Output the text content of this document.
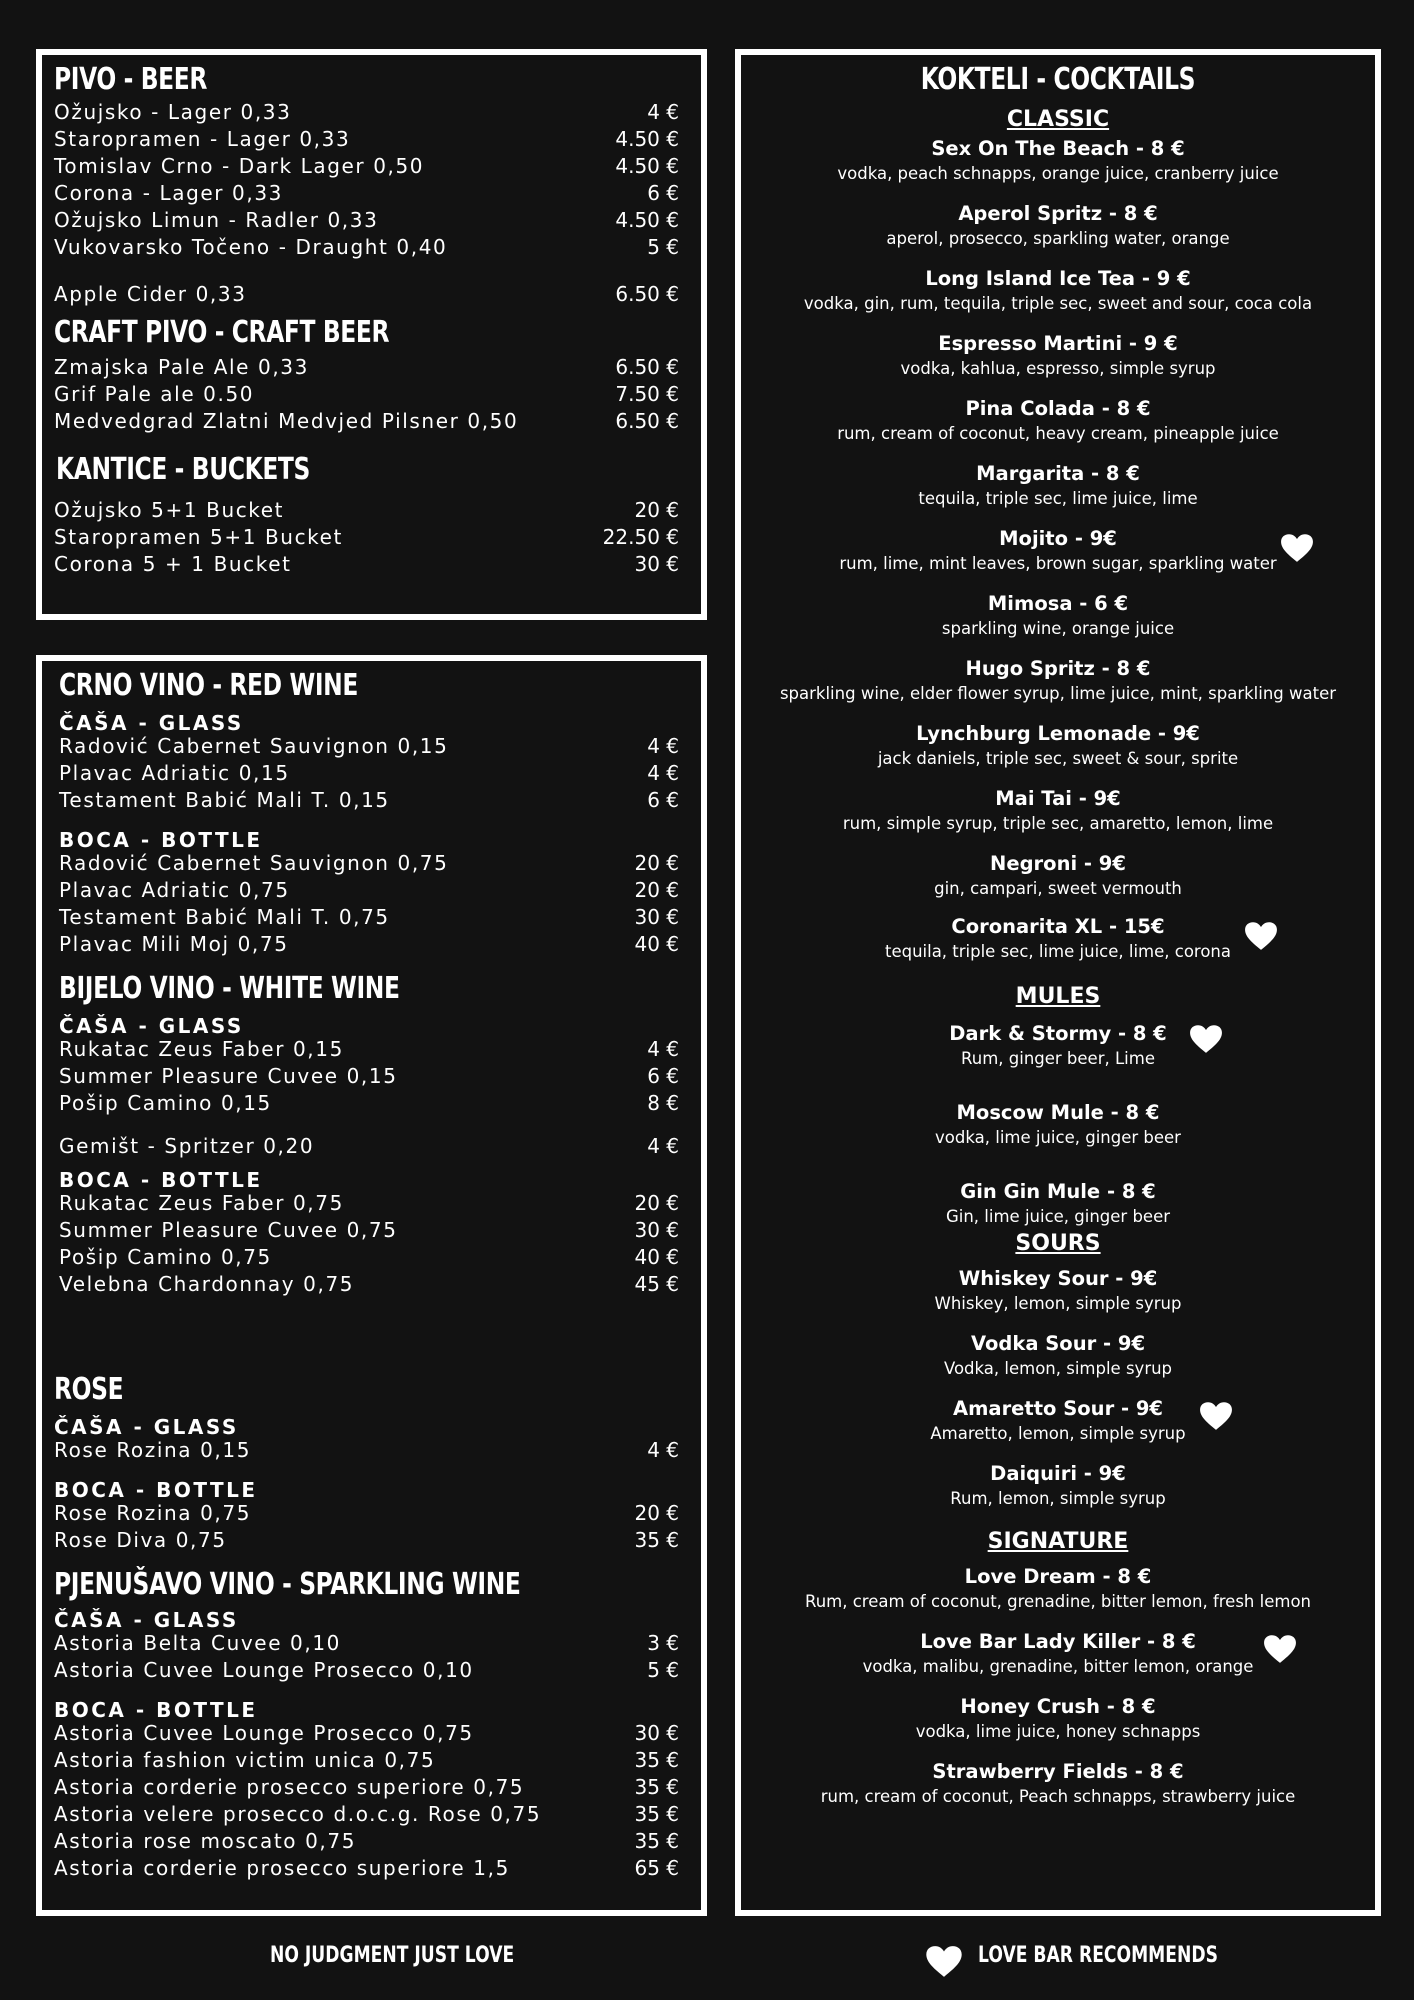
PIVO - BEER
Ožujsko - Lager 0,33	4 €
Staropramen - Lager 0,33	4.50 €
Tomislav Crno - Dark Lager 0,50	4.50 €
Corona - Lager 0,33	6 €
Ožujsko Limun - Radler 0,33	4.50 €
Vukovarsko Točeno - Draught 0,40	5 €
Apple Cider 0,33	6.50 €
CRAFT PIVO - CRAFT BEER
Zmajska Pale Ale 0,33	6.50 €
Grif Pale ale 0.50	7.50 €
Medvedgrad Zlatni Medvjed Pilsner 0,50	6.50 €
KANTICE - BUCKETS
Ožujsko 5+1 Bucket	20 €
Staropramen 5+1 Bucket	22.50 €
Corona 5 + 1 Bucket	30 €
CRNO VINO - RED WINE
ČAŠA - GLASS
Radović Cabernet Sauvignon 0,15	4 €
Plavac Adriatic 0,15	4 €
Testament Babić Mali T. 0,15	6 €
BOCA - BOTTLE
Radović Cabernet Sauvignon 0,75	20 €
Plavac Adriatic 0,75	20 €
Testament Babić Mali T. 0,75	30 €
Plavac Mili Moj 0,75	40 €
BIJELO VINO - WHITE WINE
ČAŠA - GLASS
Rukatac Zeus Faber 0,15	4 €
Summer Pleasure Cuvee 0,15	6 €
Pošip Camino 0,15	8 €
Gemišt - Spritzer 0,20	4 €
BOCA - BOTTLE
Rukatac Zeus Faber 0,75	20 €
Summer Pleasure Cuvee 0,75	30 €
Pošip Camino 0,75	40 €
Velebna Chardonnay 0,75	45 €
ROSE
ČAŠA - GLASS
Rose Rozina 0,15	4 €
BOCA - BOTTLE
Rose Rozina 0,75	20 €
Rose Diva 0,75	35 €
PJENUŠAVO VINO - SPARKLING WINE
ČAŠA - GLASS
Astoria Belta Cuvee 0,10	3 €
Astoria Cuvee Lounge Prosecco 0,10	5 €
BOCA - BOTTLE
Astoria Cuvee Lounge Prosecco 0,75	30 €
Astoria fashion victim unica 0,75	35 €
Astoria corderie prosecco superiore 0,75	35 €
Astoria velere prosecco d.o.c.g. Rose 0,75	35 €
Astoria rose moscato 0,75	35 €
Astoria corderie prosecco superiore 1,5	65 €
KOKTELI - COCKTAILS
CLASSIC
Sex On The Beach - 8 €
vodka, peach schnapps, orange juice, cranberry juice
Aperol Spritz - 8 €
aperol, prosecco, sparkling water, orange
Long Island Ice Tea - 9 €
vodka, gin, rum, tequila, triple sec, sweet and sour, coca cola
Espresso Martini - 9 €
vodka, kahlua, espresso, simple syrup
Pina Colada - 8 €
rum, cream of coconut, heavy cream, pineapple juice
Margarita - 8 €
tequila, triple sec, lime juice, lime
Mojito - 9€
rum, lime, mint leaves, brown sugar, sparkling water
Mimosa - 6 €
sparkling wine, orange juice
Hugo Spritz - 8 €
sparkling wine, elder flower syrup, lime juice, mint, sparkling water
Lynchburg Lemonade - 9€
jack daniels, triple sec, sweet & sour, sprite
Mai Tai - 9€
rum, simple syrup, triple sec, amaretto, lemon, lime
Negroni - 9€
gin, campari, sweet vermouth
Coronarita XL - 15€
tequila, triple sec, lime juice, lime, corona
MULES
Dark & Stormy - 8 €
Rum, ginger beer, Lime
Moscow Mule - 8 €
vodka, lime juice, ginger beer
Gin Gin Mule - 8 €
Gin, lime juice, ginger beer
SOURS
Whiskey Sour - 9€
Whiskey, lemon, simple syrup
Vodka Sour - 9€
Vodka, lemon, simple syrup
Amaretto Sour - 9€
Amaretto, lemon, simple syrup
Daiquiri - 9€
Rum, lemon, simple syrup
SIGNATURE
Love Dream - 8 €
Rum, cream of coconut, grenadine, bitter lemon, fresh lemon
Love Bar Lady Killer - 8 €
vodka, malibu, grenadine, bitter lemon, orange
Honey Crush - 8 €
vodka, lime juice, honey schnapps
Strawberry Fields - 8 €
rum, cream of coconut, Peach schnapps, strawberry juice
NO JUDGMENT JUST LOVE	LOVE BAR RECOMMENDS
